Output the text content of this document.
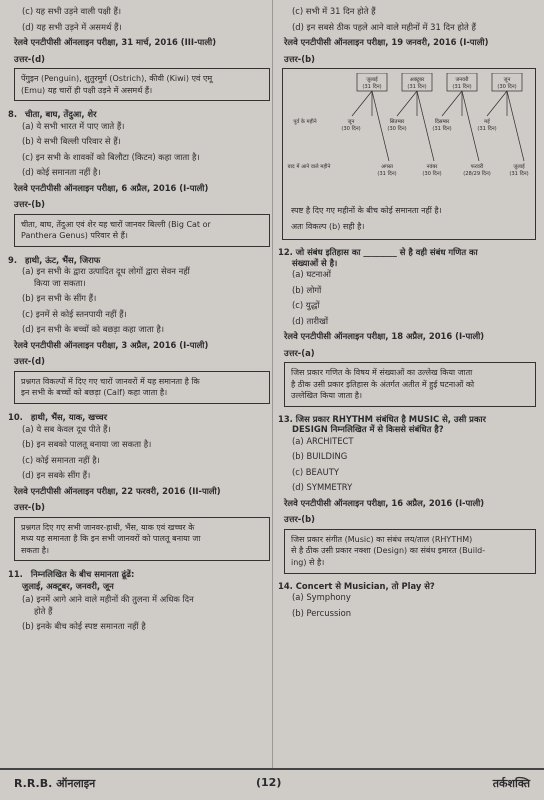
(c) यह सभी उड़ने वाली पक्षी हैं।
(d) यह सभी उड़ने में असमर्थ हैं।
रेलवे एनटीपीसी ऑनलाइन परीक्षा, 31 मार्च, 2016 (III-पाली)
उत्तर-(d)
पेंगुइन (Penguin), शुतुरमुर्ग (Ostrich), कीवी (Kiwi) एवं एमू
(Emu) यह चारों ही पक्षी उड़ने में असमर्थ हैं।
8. चीता, बाघ, तेंदुआ, शेर
(a) ये सभी भारत में पाए जाते हैं।
(b) ये सभी बिल्ली परिवार से हैं।
(c) इन सभी के शावकों को बिलौटा (किटन) कहा जाता है।
(d) कोई समानता नहीं है।
रेलवे एनटीपीसी ऑनलाइन परीक्षा, 6 अप्रैल, 2016 (I-पाली)
उत्तर-(b)
चीता, बाघ, तेंदुआ एवं शेर यह चारों जानवर बिल्ली (Big Cat or
Panthera Genus) परिवार से हैं।
9. हाथी, ऊंट, भैंस, जिराफ
(a) इन सभी के द्वारा उत्पादित दूध लोगों द्वारा सेवन नहीं
किया जा सकता।
(b) इन सभी के सींग हैं।
(c) इनमें से कोई स्तनपायी नहीं हैं।
(d) इन सभी के बच्चों को बछड़ा कहा जाता है।
रेलवे एनटीपीसी ऑनलाइन परीक्षा, 3 अप्रैल, 2016 (I-पाली)
उत्तर-(d)
प्रश्नगत विकल्पों में दिए गए चारों जानवरों में यह समानता है कि
इन सभी के बच्चों को बछड़ा (Calf) कहा जाता है।
10. हाथी, भैंस, याक, खच्चर
(a) ये सब केवल दूध पीते हैं।
(b) इन सबको पालतू बनाया जा सकता है।
(c) कोई समानता नहीं है।
(d) इन सबके सींग हैं।
रेलवे एनटीपीसी ऑनलाइन परीक्षा, 22 फरवरी, 2016 (II-पाली)
उत्तर-(b)
प्रश्नगत दिए गए सभी जानवर-हाथी, भैंस, याक एवं खच्चर के
मध्य यह समानता है कि इन सभी जानवरों को पालतू बनाया जा
सकता है।
11. निम्नलिखित के बीच समानता ढूंढें:
जुलाई, अक्टूबर, जनवरी, जून
(a) इनमें आगे आने वाले महीनों की तुलना में अधिक दिन
होते हैं
(b) इनके बीच कोई स्पष्ट समानता नहीं है
(c) सभी में 31 दिन होते हैं
(d) इन सबसे ठीक पहले आने वाले महीनों में 31 दिन होते हैं
रेलवे एनटीपीसी ऑनलाइन परीक्षा, 19 जनवरी, 2016 (I-पाली)
उत्तर-(b)
जुलाई
(31 दिन)
अक्टूबर
(31 दिन)
जनवरी
(31 दिन)
जून
(30 दिन)
पूर्व के महीने	जून
(30 दिन)
सितम्बर
(30 दिन)
दिसम्बर
(31 दिन)
मई
(31 दिन)
बाद में आने वाले महीने	अगस्त
(31 दिन)
नवंबर
(30 दिन)
फरवरी
(28/29 दिन)
जुलाई
(31 दिन)
स्पष्ट है दिए गए महीनों के बीच कोई समानता नहीं है।
अतः विकल्प (b) सही है।
12. जो संबंध इतिहास का ________ से है वही संबंध गणित का
संख्याओं से है।
(a) घटनाओं
(b) लोगों
(c) युद्धों
(d) तारीखों
रेलवे एनटीपीसी ऑनलाइन परीक्षा, 18 अप्रैल, 2016 (I-पाली)
उत्तर-(a)
जिस प्रकार गणित के विषय में संख्याओं का उल्लेख किया जाता
है ठीक उसी प्रकार इतिहास के अंतर्गत अतीत में हुई घटनाओं को
उल्लेखित किया जाता है।
13. जिस प्रकार RHYTHM संबंधित है MUSIC से, उसी प्रकार
DESIGN निम्नलिखित में से किससे संबंधित है?
(a) ARCHITECT
(b) BUILDING
(c) BEAUTY
(d) SYMMETRY
रेलवे एनटीपीसी ऑनलाइन परीक्षा, 16 अप्रैल, 2016 (I-पाली)
उत्तर-(b)
जिस प्रकार संगीत (Music) का संबंध लय/ताल (RHYTHM)
से है ठीक उसी प्रकार नक्शा (Design) का संबंध इमारत (Build-
ing) से है।
14. Concert से Musician, तो Play से?
(a) Symphony
(b) Percussion
R.R.B. ऑनलाइन	(12)	तर्कशक्ति
